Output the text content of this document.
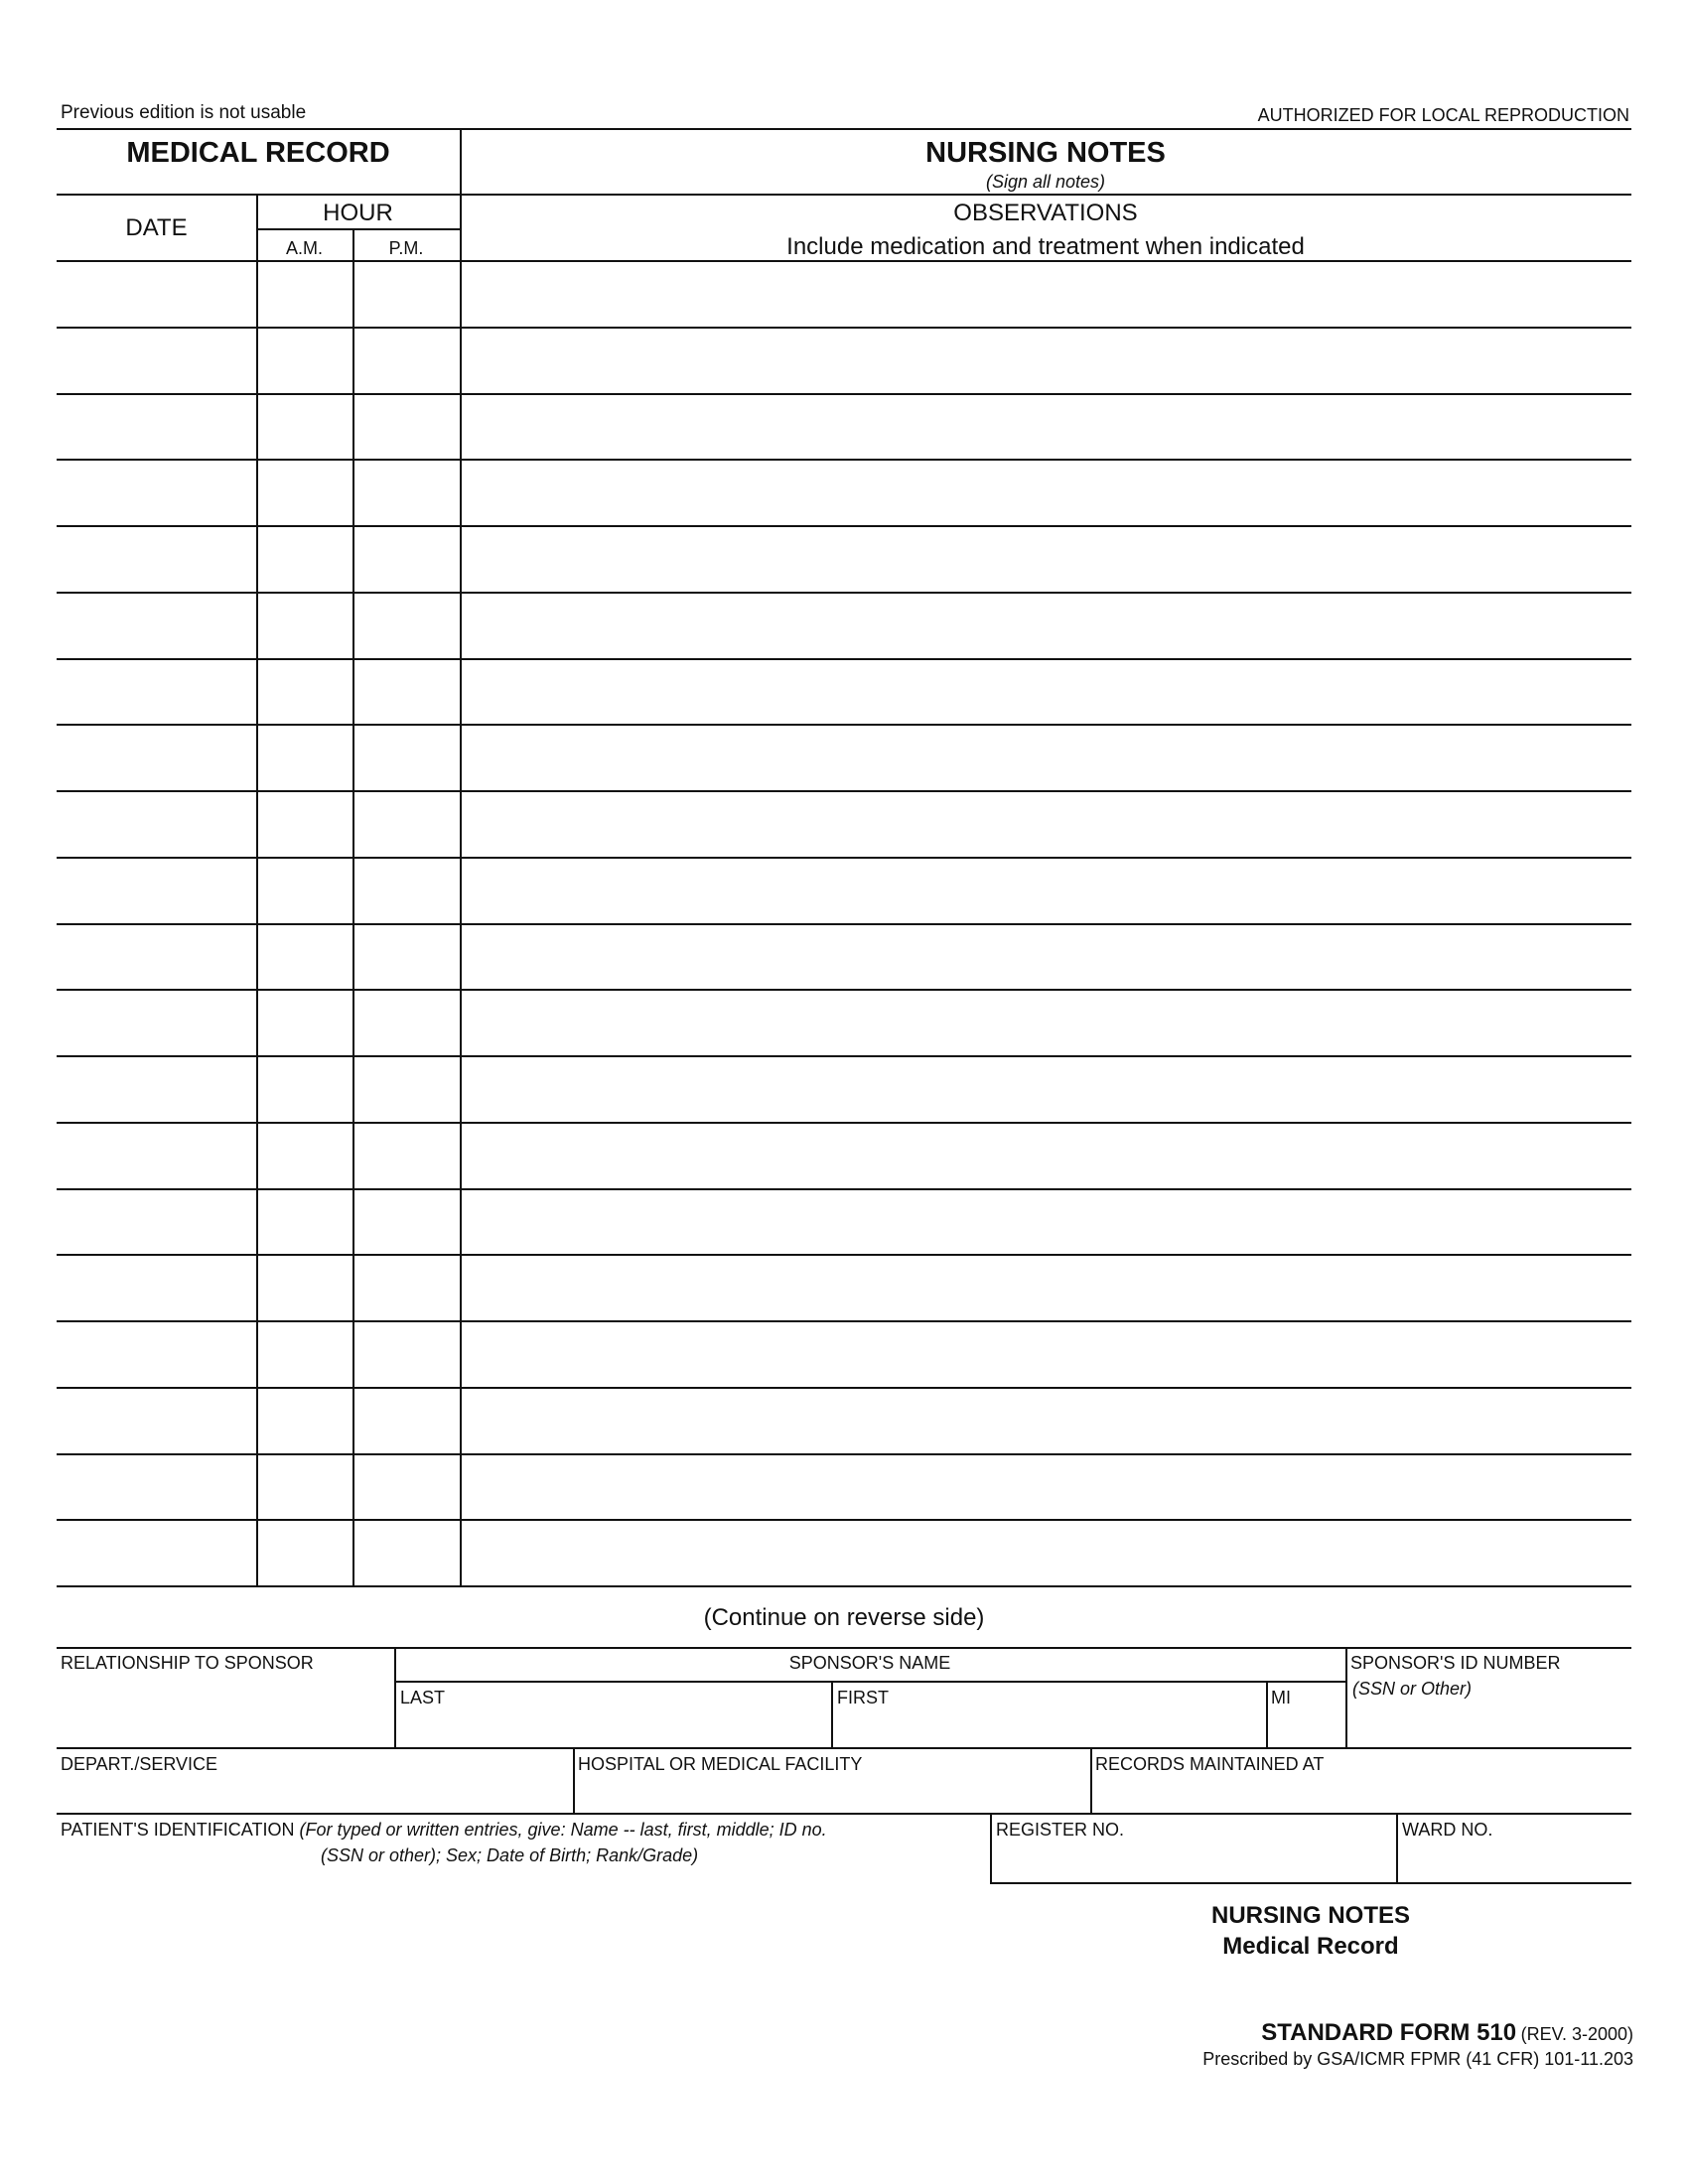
Previous edition is not usable	AUTHORIZED FOR LOCAL REPRODUCTION
MEDICAL RECORD	NURSING NOTES
(Sign all notes)
DATE
HOUR
A.M.	P.M.
OBSERVATIONS
Include medication and treatment when indicated
(Continue on reverse side)
RELATIONSHIP TO SPONSOR	SPONSOR'S NAME
LAST	FIRST	MI
SPONSOR'S ID NUMBER
(SSN or Other)
DEPART./SERVICE	HOSPITAL OR MEDICAL FACILITY	RECORDS MAINTAINED AT
PATIENT'S IDENTIFICATION (For typed or written entries, give: Name -- last, first, middle; ID no.
(SSN or other); Sex; Date of Birth; Rank/Grade)
REGISTER NO.	WARD NO.
NURSING NOTES
Medical Record
STANDARD FORM 510 (REV. 3-2000)
Prescribed by GSA/ICMR FPMR (41 CFR) 101-11.203
